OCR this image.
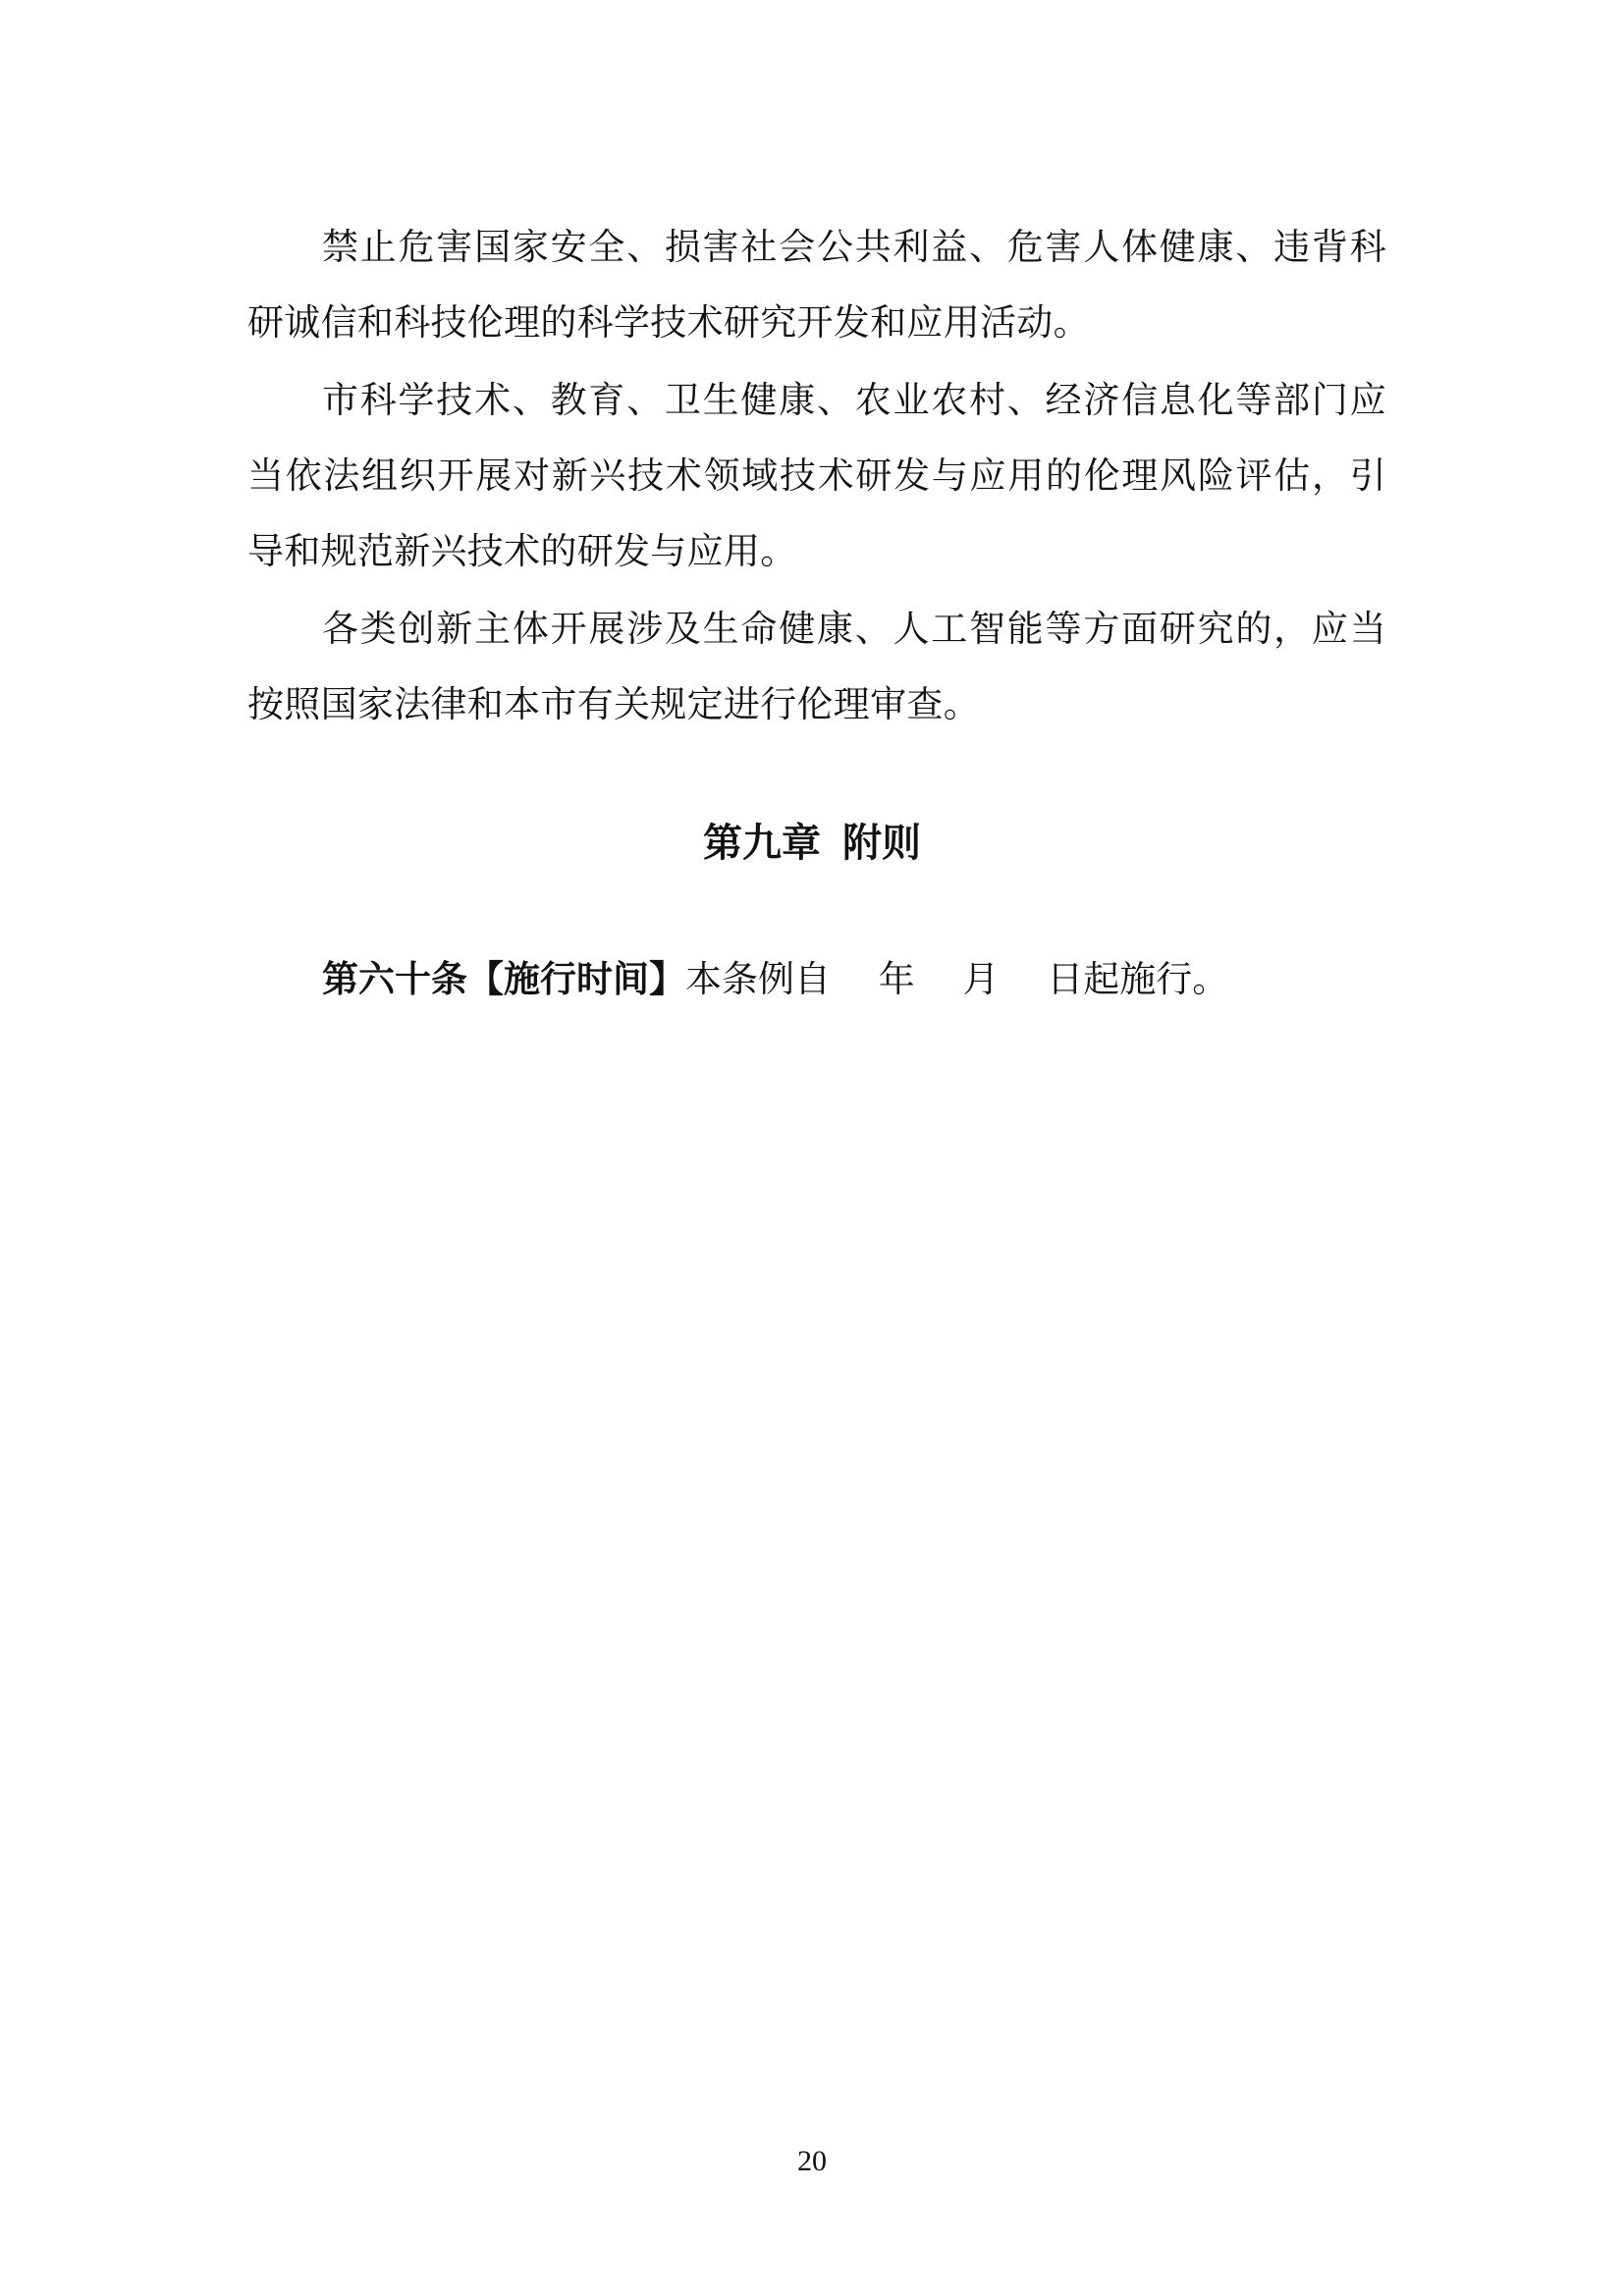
禁止危害国家安全、损害社会公共利益、危害人体健康、违背科
研诚信和科技伦理的科学技术研究开发和应用活动。
市科学技术、教育、卫生健康、农业农村、经济信息化等部门应
当依法组织开展对新兴技术领域技术研发与应用的伦理风险评估，引
导和规范新兴技术的研发与应用。
各类创新主体开展涉及生命健康、人工智能等方面研究的，应当
按照国家法律和本市有关规定进行伦理审查。
第九章 附则
第六十条【施行时间】本条例自　 年　 月　 日起施行。
20
